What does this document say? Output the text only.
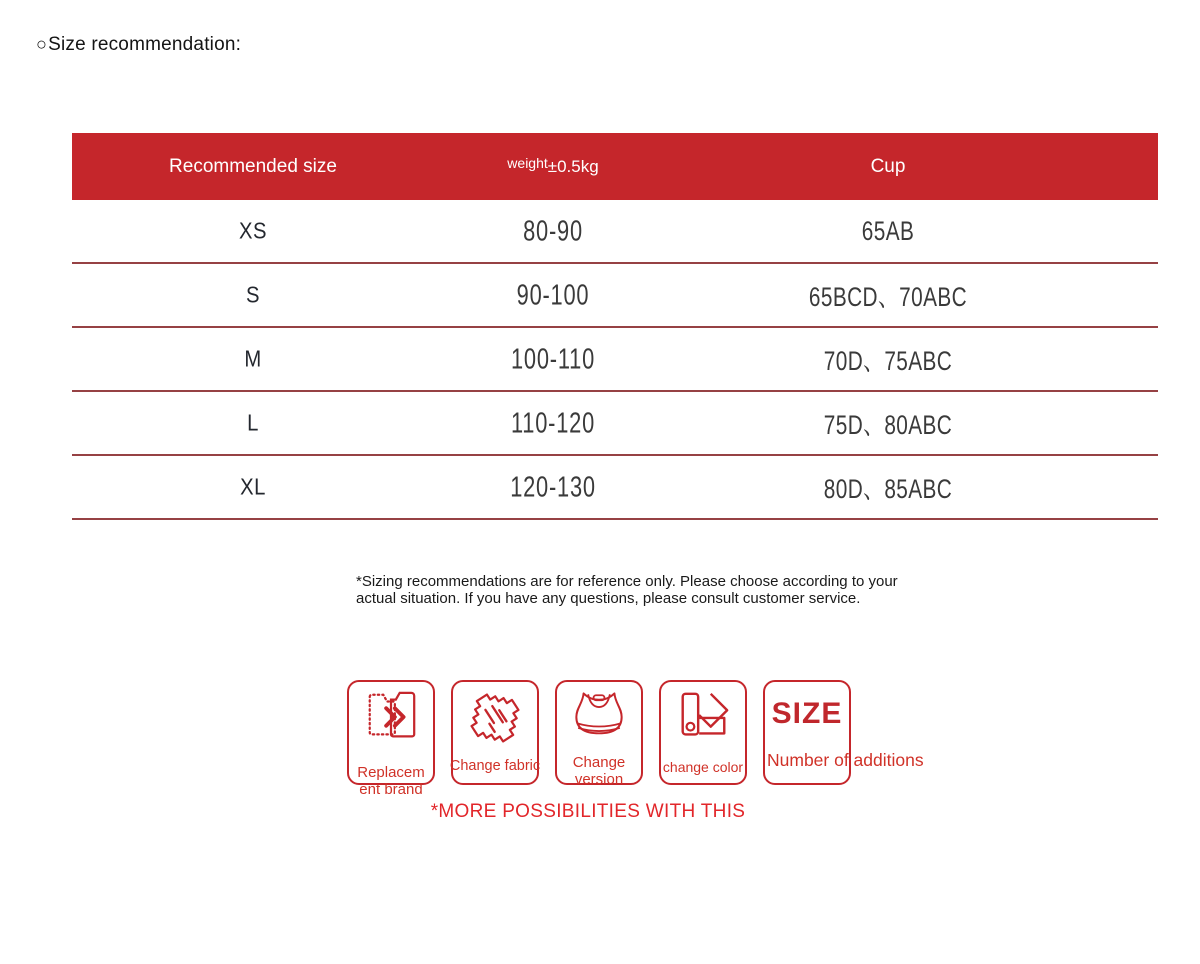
○Size recommendation:
Recommended size	weight±0.5kg	Cup
XS	80-90	65AB
S	90-100	65BCD、70ABC
M	100-110	70D、75ABC
L	110-120	75D、80ABC
XL	120-130	80D、85ABC
*Sizing recommendations are for reference only. Please choose according to your
actual situation. If you have any questions, please consult customer service.
Replacem
ent brand
Change fabric Change
version
change color
SIZE
Number of additions
*MORE POSSIBILITIES WITH THIS
